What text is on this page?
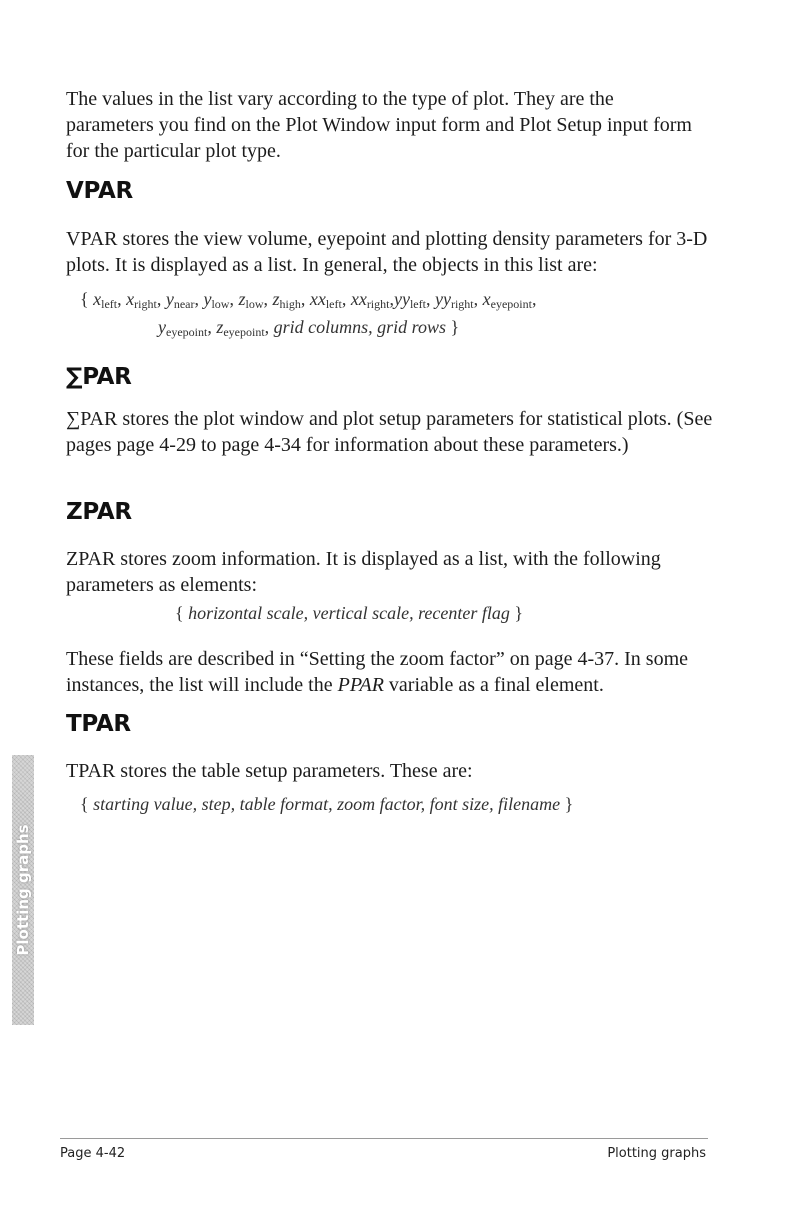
The values in the list vary according to the type of plot. They are the parameters you find on the Plot Window input form and Plot Setup input form for the particular plot type.
VPAR
VPAR stores the view volume, eyepoint and plotting density parameters for 3-D plots. It is displayed as a list. In general, the objects in this list are:
{ $x_{left}$, $x_{right}$, $y_{near}$, $y_{low}$, $z_{low}$, $z_{high}$, $xx_{left}$, $xx_{right},yy_{left}$, $yy_{right}$, $x_{eyepoint}$,
$y_{eyepoint}$, $z_{eyepoint}$, grid columns, grid rows }
∑PAR
∑PAR stores the plot window and plot setup parameters for statistical plots. (See pages page 4-29 to page 4-34 for information about these parameters.)
ZPAR
ZPAR stores zoom information. It is displayed as a list, with the following parameters as elements:
{ horizontal scale, vertical scale, recenter flag }
These fields are described in “Setting the zoom factor” on page 4-37. In some instances, the list will include the PPAR variable as a final element.
TPAR
TPAR stores the table setup parameters. These are:
{ starting value, step, table format, zoom factor, font size, filename }
Plotting graphs
Page 4-42	Plotting graphs
